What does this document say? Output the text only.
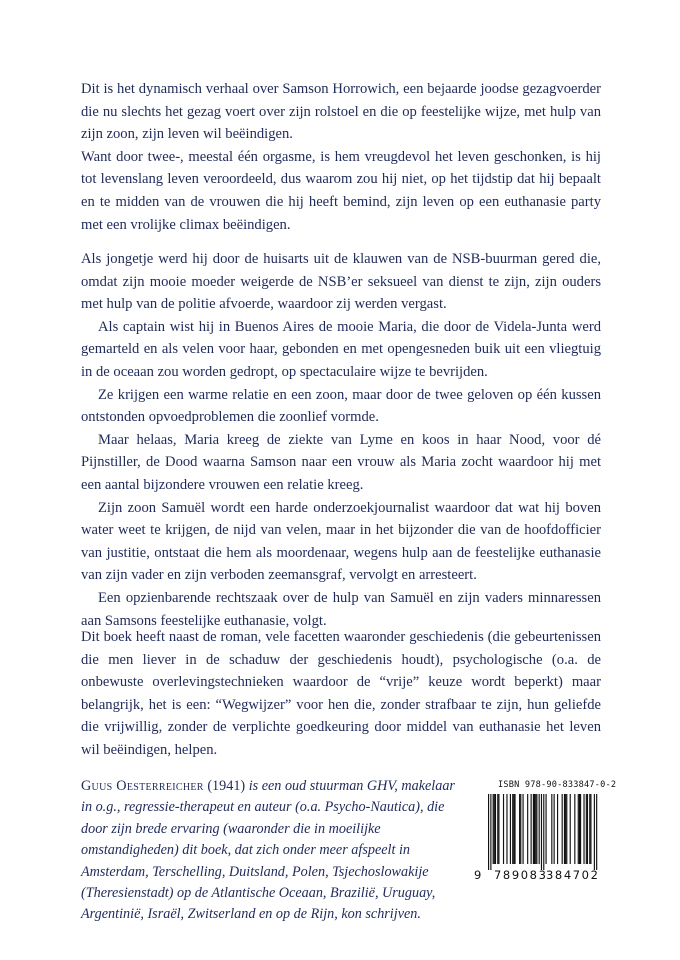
Dit is het dynamisch verhaal over Samson Horrowich, een bejaarde joodse gezagvoerder die nu slechts het gezag voert over zijn rolstoel en die op feestelijke wijze, met hulp van zijn zoon, zijn leven wil beëindigen.

Want door twee-, meestal één orgasme, is hem vreugdevol het leven geschonken, is hij tot levenslang leven veroordeeld, dus waarom zou hij niet, op het tijdstip dat hij bepaalt en te midden van de vrouwen die hij heeft bemind, zijn leven op een euthanasie party met een vrolijke climax beëindigen.

Als jongetje werd hij door de huisarts uit de klauwen van de NSB-buurman gered die, omdat zijn mooie moeder weigerde de NSB’er seksueel van dienst te zijn, zijn ouders met hulp van de politie afvoerde, waardoor zij werden vergast.

Als captain wist hij in Buenos Aires de mooie Maria, die door de Videla-Junta werd gemarteld en als velen voor haar, gebonden en met opengesneden buik uit een vliegtuig in de oceaan zou worden gedropt, op spectaculaire wijze te bevrijden.

Ze krijgen een warme relatie en een zoon, maar door de twee geloven op één kussen ontstonden opvoedproblemen die zoonlief vormde.

Maar helaas, Maria kreeg de ziekte van Lyme en koos in haar Nood, voor dé Pijnstiller, de Dood waarna Samson naar een vrouw als Maria zocht waardoor hij met een aantal bijzondere vrouwen een relatie kreeg.

Zijn zoon Samuël wordt een harde onderzoekjournalist waardoor dat wat hij boven water weet te krijgen, de nijd van velen, maar in het bijzonder die van de hoofdofficier van justitie, ontstaat die hem als moordenaar, wegens hulp aan de feestelijke euthanasie van zijn vader en zijn verboden zeemansgraf, vervolgt en arresteert.

Een opzienbarende rechtszaak over de hulp van Samuël en zijn vaders minnaressen aan Samsons feestelijke euthanasie, volgt.

Dit boek heeft naast de roman, vele facetten waaronder geschiedenis (die gebeurtenissen die men liever in de schaduw der geschiedenis houdt), psychologische (o.a. de onbewuste overlevingstechnieken waardoor de “vrije” keuze wordt beperkt) maar belangrijk, het is een: “Wegwijzer” voor hen die, zonder strafbaar te zijn, hun geliefde die vrijwillig, zonder de verplichte goedkeuring door middel van euthanasie het leven wil beëindigen, helpen.

Guus Oesterreicher (1941) is een oud stuurman GHV, makelaar in o.g., regressie-therapeut en auteur (o.a. Psycho-Nautica), die door zijn brede ervaring (waaronder die in moeilijke omstandigheden) dit boek, dat zich onder meer afspeelt in Amsterdam, Terschelling, Duitsland, Polen, Tsjechoslowakije (Theresienstadt) op de Atlantische Oceaan, Brazilië, Uruguay, Argentinië, Israël, Zwitserland en op de Rijn, kon schrijven.
ISBN 978-90-833847-0-2
9 789083
384702
